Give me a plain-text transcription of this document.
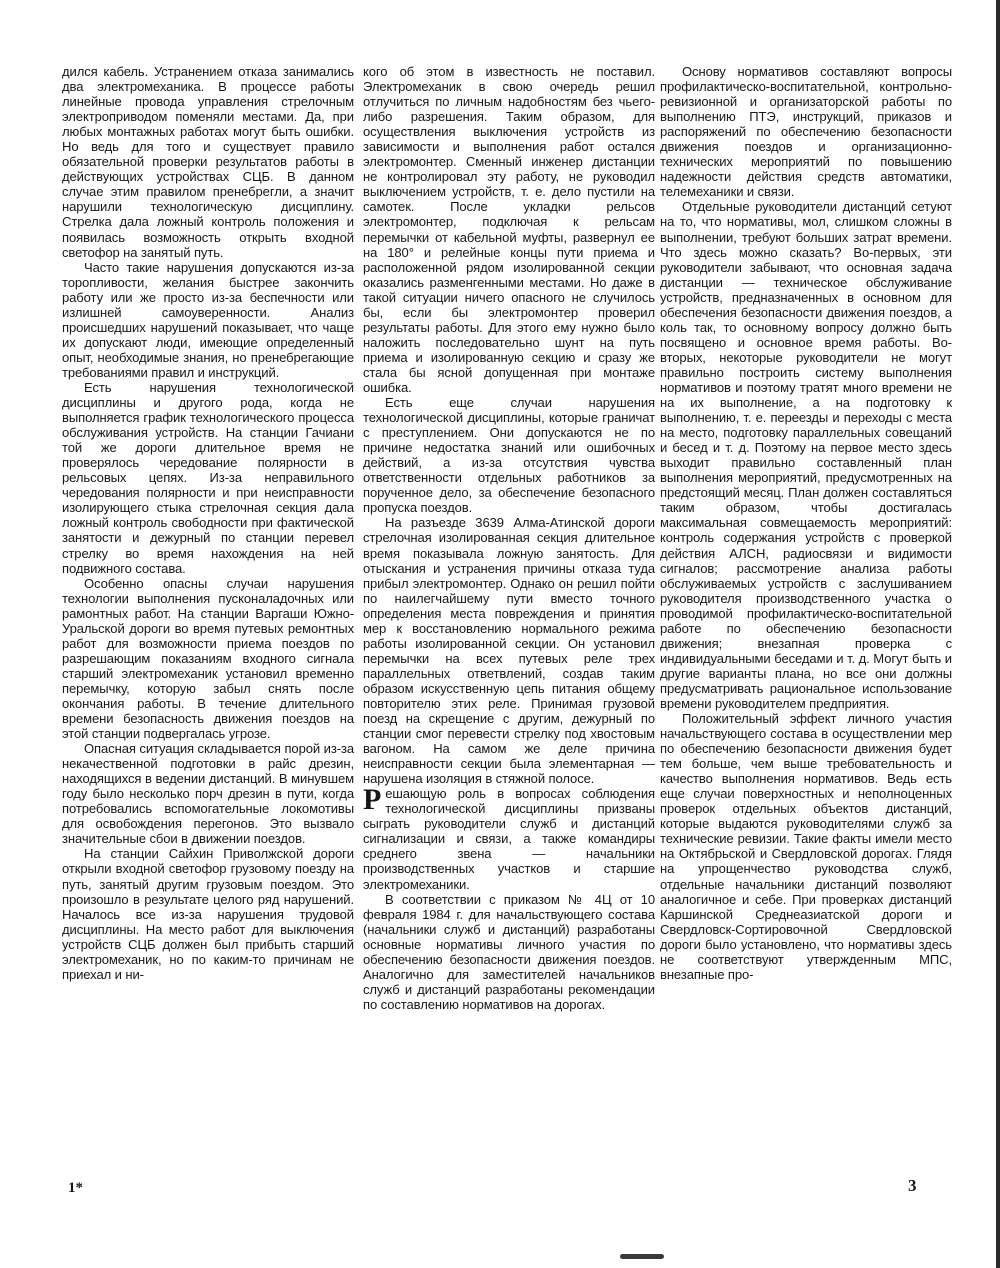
дился кабель. Устранением отказа занимались два электромеханика. В процессе работы линейные провода управления стрелочным электроприводом поменяли местами. Да, при любых монтажных работах могут быть ошибки. Но ведь для того и существует правило обязательной проверки результатов работы в действующих устройствах СЦБ. В данном случае этим правилом пренебрегли, а значит нарушили технологическую дисциплину. Стрелка дала ложный контроль положения и появилась возможность открыть входной светофор на занятый путь.

Часто такие нарушения допускаются из-за торопливости, желания быстрее закончить работу или же просто из-за беспечности или излишней самоуверенности. Анализ происшедших нарушений показывает, что чаще их допускают люди, имеющие определенный опыт, необходимые знания, но пренебрегающие требованиями правил и инструкций.

Есть нарушения технологической дисциплины и другого рода, когда не выполняется график технологического процесса обслуживания устройств. На станции Гачиани той же дороги длительное время не проверялось чередование полярности в рельсовых цепях. Из-за неправильного чередования полярности и при неисправности изолирующего стыка стрелочная секция дала ложный контроль свободности при фактической занятости и дежурный по станции перевел стрелку во время нахождения на ней подвижного состава.

Особенно опасны случаи нарушения технологии выполнения пусконаладочных или рамонтных работ. На станции Варгаши Южно-Уральской дороги во время путевых ремонтных работ для возможности приема поездов по разрешающим показаниям входного сигнала старший электромеханик установил временно перемычку, которую забыл снять после окончания работы. В течение длительного времени безопасность движения поездов на этой станции подвергалась угрозе.

Опасная ситуация складывается порой из-за некачественной подготовки в райс дрезин, находящихся в ведении дистанций. В минувшем году было несколько порч дрезин в пути, когда потребовались вспомогательные локомотивы для освобождения перегонов. Это вызвало значительные сбои в движении поездов.

На станции Сайхин Приволжской дороги открыли входной светофор грузовому поезду на путь, занятый другим грузовым поездом. Это произошло в результате целого ряд нарушений. Началось все из-за нарушения трудовой дисциплины. На место работ для выключения устройств СЦБ должен был прибыть старший электромеханик, но по каким-то причинам не приехал и ни-

кого об этом в известность не поставил. Электромеханик в свою очередь решил отлучиться по личным надобностям без чьего-либо разрешения. Таким образом, для осуществления выключения устройств из зависимости и выполнения работ остался электромонтер. Сменный инженер дистанции не контролировал эту работу, не руководил выключением устройств, т. е. дело пустили на самотек. После укладки рельсов электромонтер, подключая к рельсам перемычки от кабельной муфты, развернул ее на 180° и релейные концы пути приема и расположенной рядом изолированной секции оказались разменгенными местами. Но даже в такой ситуации ничего опасного не случилось бы, если бы электромонтер проверил результаты работы. Для этого ему нужно было наложить последовательно шунт на путь приема и изолированную секцию и сразу же стала бы ясной допущенная при монтаже ошибка.

Есть еще случаи нарушения технологической дисциплины, которые граничат с преступлением. Они допускаются не по причине недостатка знаний или ошибочных действий, а из-за отсутствия чувства ответственности отдельных работников за порученное дело, за обеспечение безопасного пропуска поездов.

На разъезде 3639 Алма-Атинской дороги стрелочная изолированная секция длительное время показывала ложную занятость. Для отыскания и устранения причины отказа туда прибыл электромонтер. Однако он решил пойти по наилегчайшему пути вместо точного определения места повреждения и принятия мер к восстановлению нормального режима работы изолированной секции. Он установил перемычки на всех путевых реле трех параллельных ответвлений, создав таким образом искусственную цепь питания общему повторителю этих реле. Принимая грузовой поезд на скрещение с другим, дежурный по станции смог перевести стрелку под хвостовым вагоном. На самом же деле причина неисправности секции была элементарная — нарушена изоляция в стяжной полосе.

Решающую роль в вопросах соблюдения технологической дисциплины призваны сыграть руководители служб и дистанций сигнализации и связи, а также командиры среднего звена — начальники производственных участков и старшие электромеханики.

В соответствии с приказом № 4Ц от 10 февраля 1984 г. для начальствующего состава (начальники служб и дистанций) разработаны основные нормативы личного участия по обеспечению безопасности движения поездов. Аналогично для заместителей начальников служб и дистанций разработаны рекомендации по составлению нормативов на дорогах.

Основу нормативов составляют вопросы профилактическо-воспитательной, контрольно-ревизионной и организаторской работы по выполнению ПТЭ, инструкций, приказов и распоряжений по обеспечению безопасности движения поездов и организационно-технических мероприятий по повышению надежности действия средств автоматики, телемеханики и связи.

Отдельные руководители дистанций сетуют на то, что нормативы, мол, слишком сложны в выполнении, требуют больших затрат времени. Что здесь можно сказать? Во-первых, эти руководители забывают, что основная задача дистанции — техническое обслуживание устройств, предназначенных в основном для обеспечения безопасности движения поездов, а коль так, то основному вопросу должно быть посвящено и основное время работы. Во-вторых, некоторые руководители не могут правильно построить систему выполнения нормативов и поэтому тратят много времени не на их выполнение, а на подготовку к выполнению, т. е. переезды и переходы с места на место, подготовку параллельных совещаний и бесед и т. д. Поэтому на первое место здесь выходит правильно составленный план выполнения мероприятий, предусмотренных на предстоящий месяц. План должен составляться таким образом, чтобы достигалась максимальная совмещаемость мероприятий: контроль содержания устройств с проверкой действия АЛСН, радиосвязи и видимости сигналов; рассмотрение анализа работы обслуживаемых устройств с заслушиванием руководителя производственного участка о проводимой профилактическо-воспитательной работе по обеспечению безопасности движения; внезапная проверка с индивидуальными беседами и т. д. Могут быть и другие варианты плана, но все они должны предусматривать рациональное использование времени руководителем предприятия.

Положительный эффект личного участия начальствующего состава в осуществлении мер по обеспечению безопасности движения будет тем больше, чем выше требовательность и качество выполнения нормативов. Ведь есть еще случаи поверхностных и неполноценных проверок отдельных объектов дистанций, которые выдаются руководителями служб за технические ревизии. Такие факты имели место на Октябрьской и Свердловской дорогах. Глядя на упрощенчество руководства служб, отдельные начальники дистанций позволяют аналогичное и себе. При проверках дистанций Каршинской Среднеазиатской дороги и Свердловск-Сортировочной Свердловской дороги было установлено, что нормативы здесь не соответствуют утвержденным МПС, внезапные про-

1*	3
